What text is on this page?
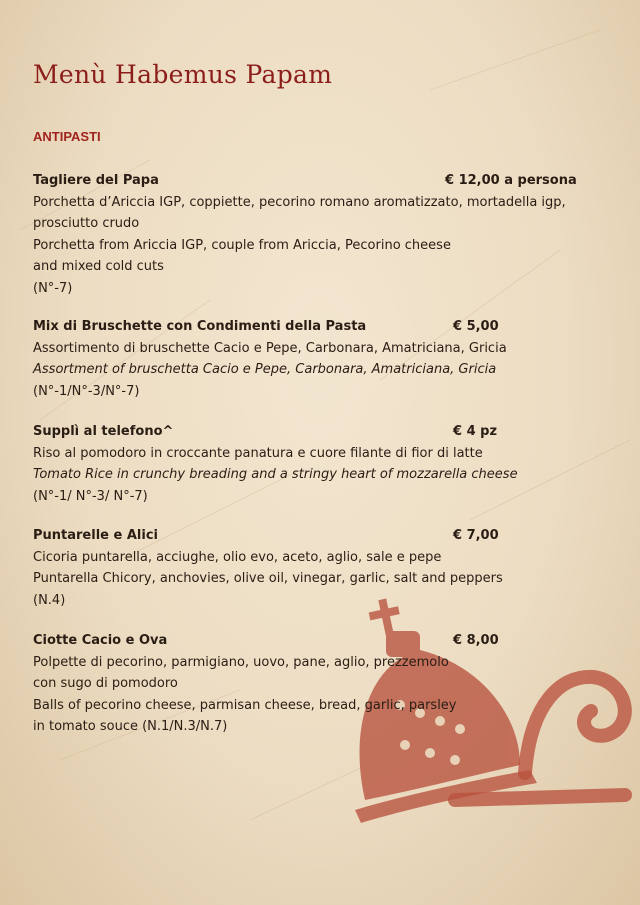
Menù Habemus Papam
ANTIPASTI
Tagliere del Papa	€ 12,00 a persona
Porchetta d’Ariccia IGP, coppiette, pecorino romano aromatizzato, mortadella igp,
prosciutto crudo
Porchetta from Ariccia IGP, couple from Ariccia, Pecorino cheese
and mixed cold cuts
(N°-7)
Mix di Bruschette con Condimenti della Pasta	€ 5,00
Assortimento di bruschette Cacio e Pepe, Carbonara, Amatriciana, Gricia
Assortment of bruschetta Cacio e Pepe, Carbonara, Amatriciana, Gricia
(N°-1/N°-3/N°-7)
Supplì al telefono^	€ 4 pz
Riso al pomodoro in croccante panatura e cuore filante di fior di latte
Tomato Rice in crunchy breading and a stringy heart of mozzarella cheese
(N°-1/ N°-3/ N°-7)
Puntarelle e Alici	€ 7,00
Cicoria puntarella, acciughe, olio evo, aceto, aglio, sale e pepe
Puntarella Chicory, anchovies, olive oil, vinegar, garlic, salt and peppers
(N.4)
Ciotte Cacio e Ova	€ 8,00
Polpette di pecorino, parmigiano, uovo, pane, aglio, prezzemolo
con sugo di pomodoro
Balls of pecorino cheese, parmisan cheese, bread, garlic, parsley
in tomato souce (N.1/N.3/N.7)
